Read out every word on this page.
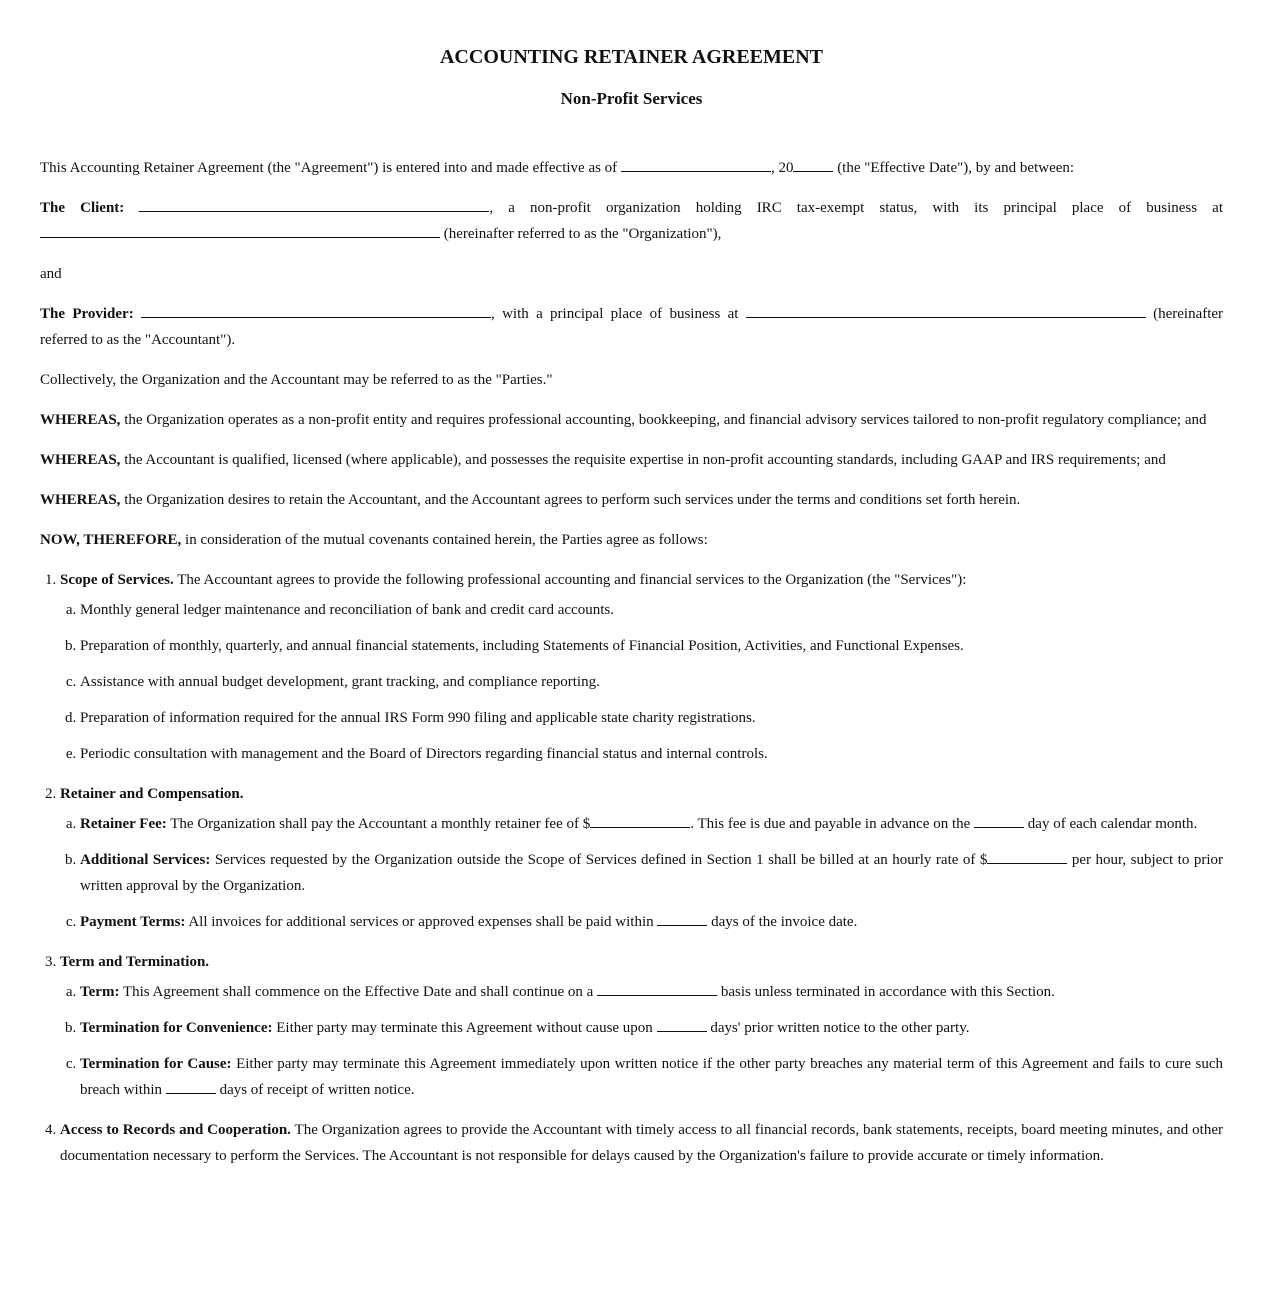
ACCOUNTING RETAINER AGREEMENT
Non-Profit Services

This Accounting Retainer Agreement (the "Agreement") is entered into and made effective as of	, 20	(the "Effective Date"), by and between:

The Client:	, a non-profit organization holding IRC tax-exempt status, with its principal place of business at  (hereinafter referred to as the "Organization"),

and

The Provider:	, with a principal place of business at	(hereinafter referred to as the "Accountant").

Collectively, the Organization and the Accountant may be referred to as the "Parties."

WHEREAS, the Organization operates as a non-profit entity and requires professional accounting, bookkeeping, and financial advisory services tailored to non-profit regulatory compliance; and

WHEREAS, the Accountant is qualified, licensed (where applicable), and possesses the requisite expertise in non-profit accounting standards, including GAAP and IRS requirements; and

WHEREAS, the Organization desires to retain the Accountant, and the Accountant agrees to perform such services under the terms and conditions set forth herein.

NOW, THEREFORE, in consideration of the mutual covenants contained herein, the Parties agree as follows:

1. Scope of Services. The Accountant agrees to provide the following professional accounting and financial services to the Organization (the "Services"):
a. Monthly general ledger maintenance and reconciliation of bank and credit card accounts.
b. Preparation of monthly, quarterly, and annual financial statements, including Statements of Financial Position, Activities, and Functional Expenses.
c. Assistance with annual budget development, grant tracking, and compliance reporting.
d. Preparation of information required for the annual IRS Form 990 filing and applicable state charity registrations.
e. Periodic consultation with management and the Board of Directors regarding financial status and internal controls.
2. Retainer and Compensation.
a. Retainer Fee: The Organization shall pay the Accountant a monthly retainer fee of $	. This fee is due and payable in advance on the	day of each calendar month.
b. Additional Services: Services requested by the Organization outside the Scope of Services defined in Section 1 shall be billed at an hourly rate of $	per hour, subject to prior written approval by the Organization.
c. Payment Terms: All invoices for additional services or approved expenses shall be paid within	days of the invoice date.
3. Term and Termination.
a. Term: This Agreement shall commence on the Effective Date and shall continue on a	basis unless terminated in accordance with this Section.
b. Termination for Convenience: Either party may terminate this Agreement without cause upon	days' prior written notice to the other party.
c. Termination for Cause: Either party may terminate this Agreement immediately upon written notice if the other party breaches any material term of this Agreement and fails to cure such breach within	days of receipt of written notice.
4. Access to Records and Cooperation. The Organization agrees to provide the Accountant with timely access to all financial records, bank statements, receipts, board meeting minutes, and other documentation necessary to perform the Services. The Accountant is not responsible for delays caused by the Organization's failure to provide accurate or timely information.
